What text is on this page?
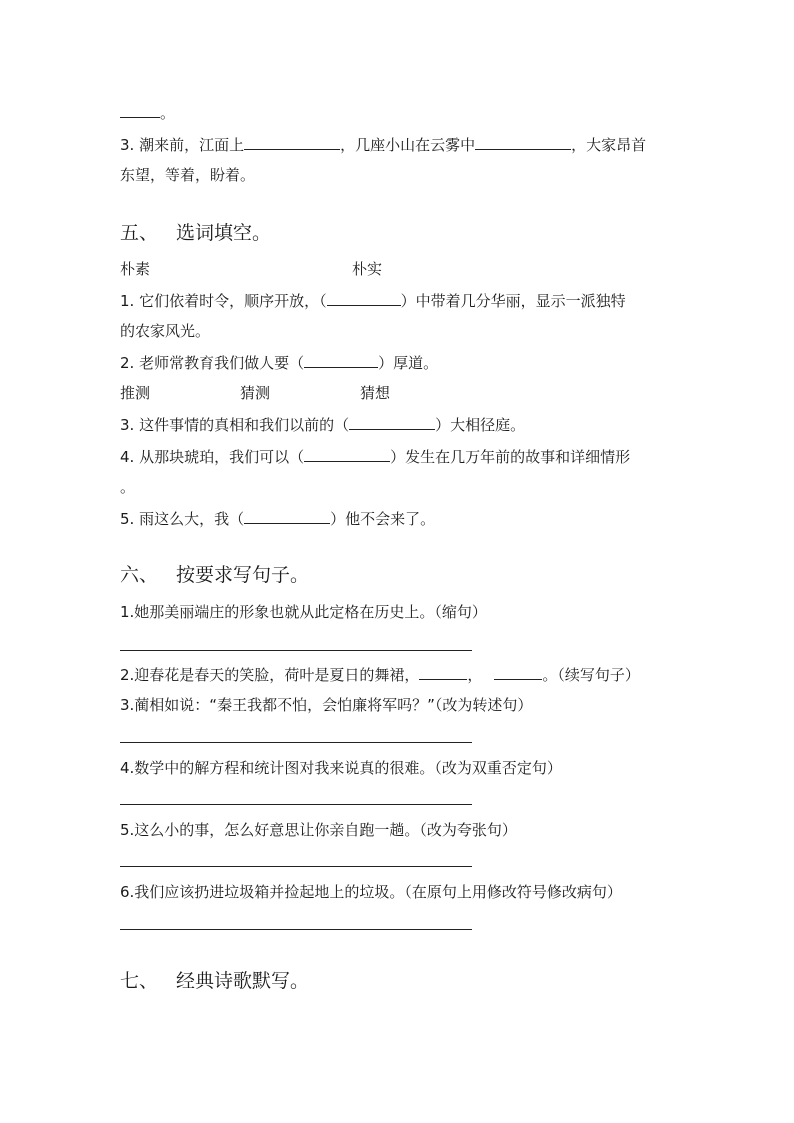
。
3. 潮来前，江面上	，几座小山在云雾中	，大家昂首
东望，等着，盼着。
五、 选词填空。
朴素	朴实
1. 它们依着时令，顺序开放，（	）中带着几分华丽，显示一派独特
的农家风光。
2. 老师常教育我们做人要（	）厚道。
推测	猜测	猜想
3. 这件事情的真相和我们以前的（	）大相径庭。
4. 从那块琥珀，我们可以（	）发生在几万年前的故事和详细情形
。
5. 雨这么大，我（	）他不会来了。
六、 按要求写句子。
1.她那美丽端庄的形象也就从此定格在历史上。（缩句）
2.迎春花是春天的笑脸，荷叶是夏日的舞裙，	，	。（续写句子）
3.蔺相如说：“秦王我都不怕，会怕廉将军吗？”（改为转述句）
4.数学中的解方程和统计图对我来说真的很难。（改为双重否定句）
5.这么小的事，怎么好意思让你亲自跑一趟。（改为夸张句）
6.我们应该扔进垃圾箱并捡起地上的垃圾。（在原句上用修改符号修改病句）
七、 经典诗歌默写。
